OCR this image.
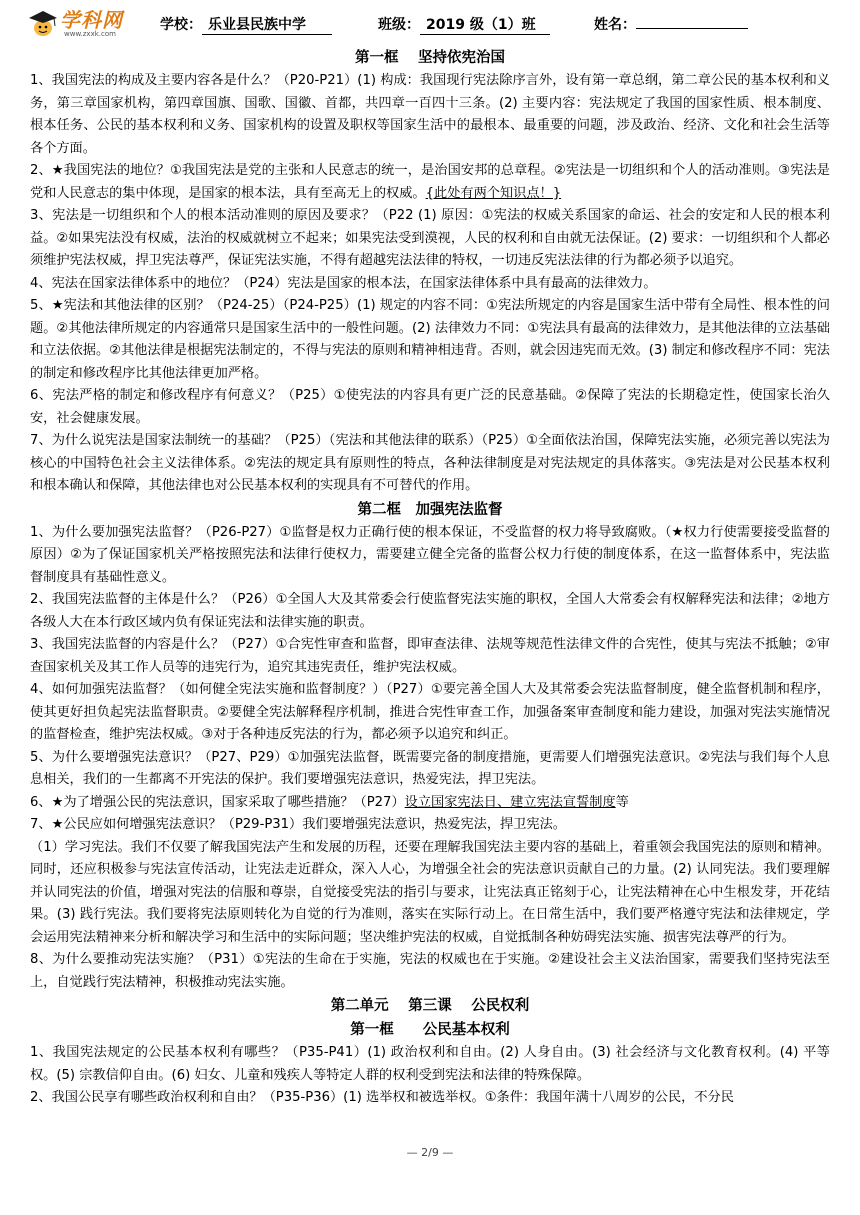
学科网
www.zxxk.com
学校： 乐业县民族中学	班级： 2019 级（1）班	姓名：
第一框　 坚持依宪治国

1、我国宪法的构成及主要内容各是什么？（P20-P21）(1) 构成：我国现行宪法除序言外，设有第一章总纲，第二章公民的基本权利和义务，第三章国家机构，第四章国旗、国歌、国徽、首都，共四章一百四十三条。(2) 主要内容：宪法规定了我国的国家性质、根本制度、根本任务、公民的基本权利和义务、国家机构的设置及职权等国家生活中的最根本、最重要的问题，涉及政治、经济、文化和社会生活等各个方面。

2、★我国宪法的地位？①我国宪法是党的主张和人民意志的统一，是治国安邦的总章程。②宪法是一切组织和个人的活动准则。③宪法是党和人民意志的集中体现，是国家的根本法，具有至高无上的权威。{此处有两个知识点！}

3、宪法是一切组织和个人的根本活动准则的原因及要求？（P22 (1) 原因：①宪法的权威关系国家的命运、社会的安定和人民的根本利益。②如果宪法没有权威，法治的权威就树立不起来；如果宪法受到漠视，人民的权利和自由就无法保证。(2) 要求：一切组织和个人都必须维护宪法权威，捍卫宪法尊严，保证宪法实施，不得有超越宪法法律的特权，一切违反宪法法律的行为都必须予以追究。

4、宪法在国家法律体系中的地位？（P24）宪法是国家的根本法，在国家法律体系中具有最高的法律效力。

5、★宪法和其他法律的区别？（P24-25）（P24-P25）(1) 规定的内容不同：①宪法所规定的内容是国家生活中带有全局性、根本性的问题。②其他法律所规定的内容通常只是国家生活中的一般性问题。(2) 法律效力不同：①宪法具有最高的法律效力，是其他法律的立法基础和立法依据。②其他法律是根据宪法制定的，不得与宪法的原则和精神相违背。否则，就会因违宪而无效。(3) 制定和修改程序不同：宪法的制定和修改程序比其他法律更加严格。

6、宪法严格的制定和修改程序有何意义？（P25）①使宪法的内容具有更广泛的民意基础。②保障了宪法的长期稳定性，使国家长治久安，社会健康发展。

7、为什么说宪法是国家法制统一的基础？（P25）（宪法和其他法律的联系）（P25）①全面依法治国，保障宪法实施，必须完善以宪法为核心的中国特色社会主义法律体系。②宪法的规定具有原则性的特点，各种法律制度是对宪法规定的具体落实。③宪法是对公民基本权利和根本确认和保障，其他法律也对公民基本权利的实现具有不可替代的作用。

第二框　加强宪法监督

1、为什么要加强宪法监督？（P26-P27）①监督是权力正确行使的根本保证，不受监督的权力将导致腐败。（★权力行使需要接受监督的原因）②为了保证国家机关严格按照宪法和法律行使权力，需要建立健全完备的监督公权力行使的制度体系，在这一监督体系中，宪法监督制度具有基础性意义。

2、我国宪法监督的主体是什么？（P26）①全国人大及其常委会行使监督宪法实施的职权，全国人大常委会有权解释宪法和法律；②地方各级人大在本行政区域内负有保证宪法和法律实施的职责。

3、我国宪法监督的内容是什么？（P27）①合宪性审查和监督，即审查法律、法规等规范性法律文件的合宪性，使其与宪法不抵触；②审查国家机关及其工作人员等的违宪行为，追究其违宪责任，维护宪法权威。

4、如何加强宪法监督？（如何健全宪法实施和监督制度？）（P27）①要完善全国人大及其常委会宪法监督制度，健全监督机制和程序，使其更好担负起宪法监督职责。②要健全宪法解释程序机制，推进合宪性审查工作，加强备案审查制度和能力建设，加强对宪法实施情况的监督检查，维护宪法权威。③对于各种违反宪法的行为，都必须予以追究和纠正。

5、为什么要增强宪法意识？（P27、P29）①加强宪法监督，既需要完备的制度措施，更需要人们增强宪法意识。②宪法与我们每个人息息相关，我们的一生都离不开宪法的保护。我们要增强宪法意识，热爱宪法，捍卫宪法。

6、★为了增强公民的宪法意识，国家采取了哪些措施？（P27）设立国家宪法日、建立宪法宣誓制度等

7、★公民应如何增强宪法意识？（P29-P31）我们要增强宪法意识，热爱宪法，捍卫宪法。

（1）学习宪法。我们不仅要了解我国宪法产生和发展的历程，还要在理解我国宪法主要内容的基础上，着重领会我国宪法的原则和精神。同时，还应积极参与宪法宣传活动，让宪法走近群众，深入人心，为增强全社会的宪法意识贡献自己的力量。(2) 认同宪法。我们要理解并认同宪法的价值，增强对宪法的信服和尊崇，自觉接受宪法的指引与要求，让宪法真正铭刻于心，让宪法精神在心中生根发芽，开花结果。(3) 践行宪法。我们要将宪法原则转化为自觉的行为准则，落实在实际行动上。在日常生活中，我们要严格遵守宪法和法律规定，学会运用宪法精神来分析和解决学习和生活中的实际问题；坚决维护宪法的权威，自觉抵制各种妨碍宪法实施、损害宪法尊严的行为。

8、为什么要推动宪法实施？（P31）①宪法的生命在于实施，宪法的权威也在于实施。②建设社会主义法治国家，需要我们坚持宪法至上，自觉践行宪法精神，积极推动宪法实施。

第二单元　 第三课　 公民权利
第一框　　公民基本权利

1、我国宪法规定的公民基本权利有哪些？（P35-P41）(1) 政治权利和自由。(2) 人身自由。(3) 社会经济与文化教育权利。(4) 平等权。(5) 宗教信仰自由。(6) 妇女、儿童和残疾人等特定人群的权利受到宪法和法律的特殊保障。

2、我国公民享有哪些政治权利和自由？（P35-P36）(1) 选举权和被选举权。①条件：我国年满十八周岁的公民，不分民

— 2/9 —
